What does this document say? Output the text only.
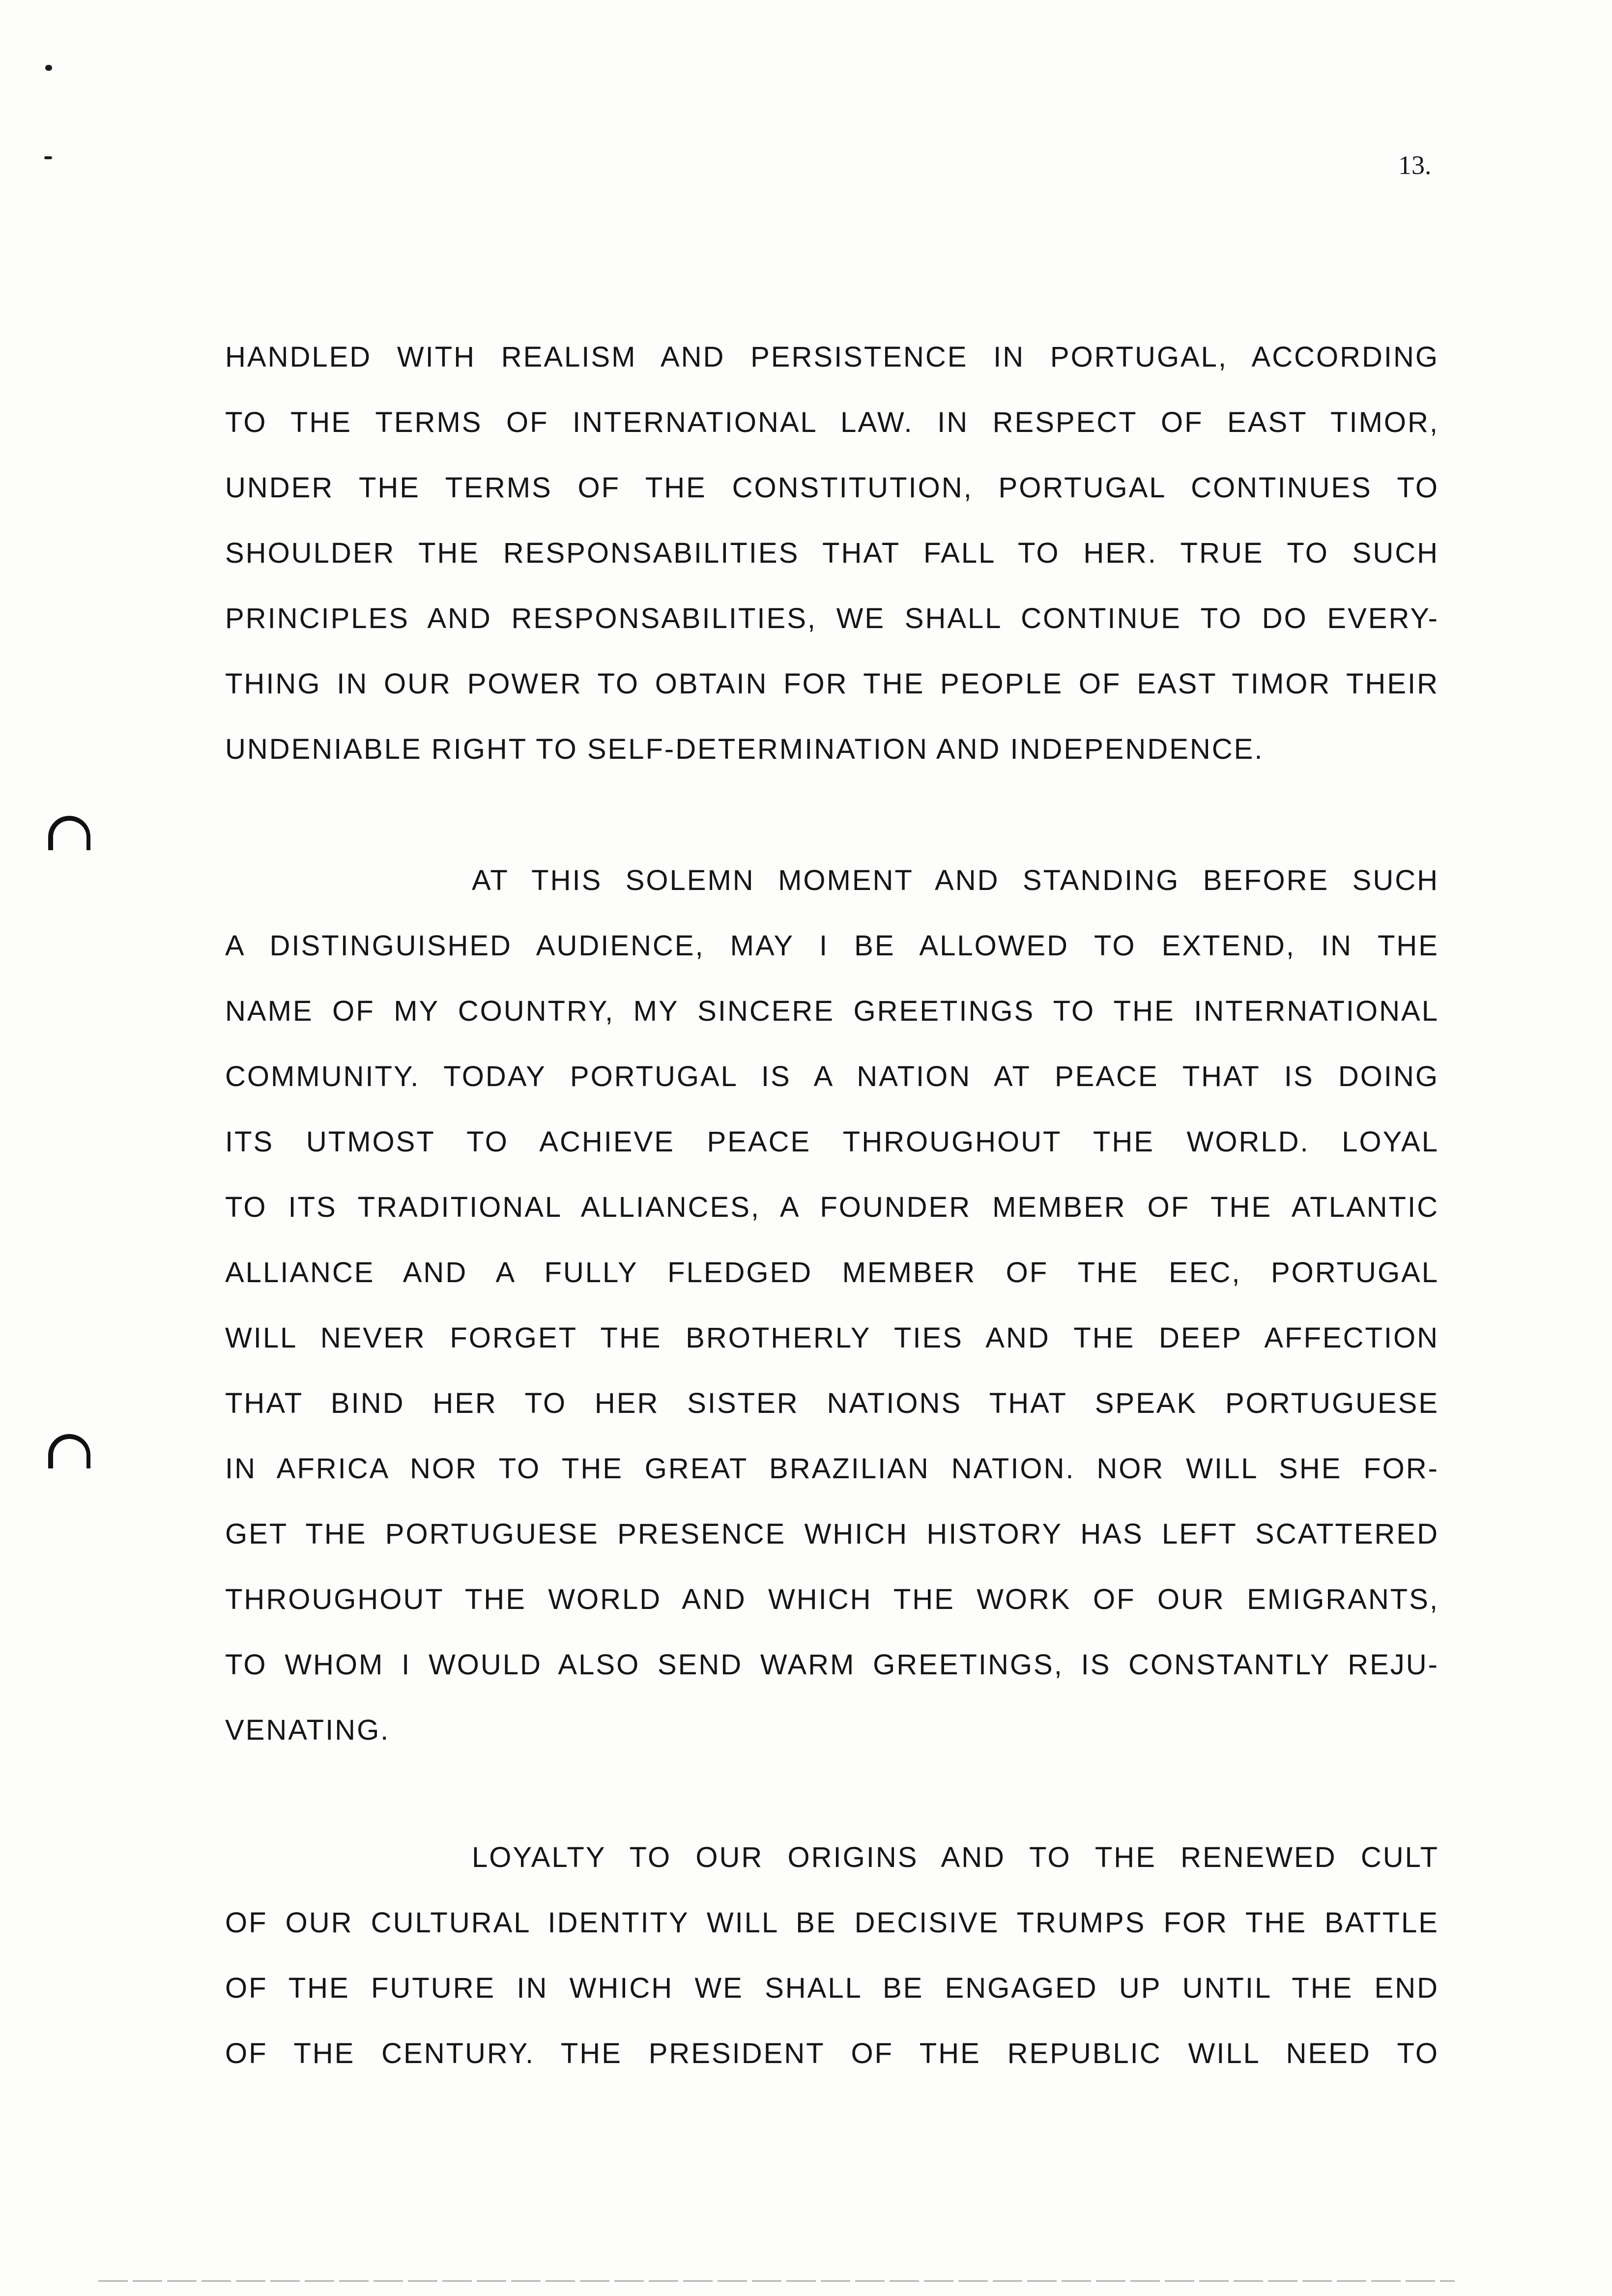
13.
HANDLED WITH REALISM AND PERSISTENCE IN PORTUGAL, ACCORDING
TO THE TERMS OF INTERNATIONAL LAW. IN RESPECT OF EAST TIMOR,
UNDER THE TERMS OF THE CONSTITUTION, PORTUGAL CONTINUES TO
SHOULDER THE RESPONSABILITIES THAT FALL TO HER. TRUE TO SUCH
PRINCIPLES AND RESPONSABILITIES, WE SHALL CONTINUE TO DO EVERY-
THING IN OUR POWER TO OBTAIN FOR THE PEOPLE OF EAST TIMOR THEIR
UNDENIABLE RIGHT TO SELF-DETERMINATION AND INDEPENDENCE.
AT THIS SOLEMN MOMENT AND STANDING BEFORE SUCH
A DISTINGUISHED AUDIENCE, MAY I BE ALLOWED TO EXTEND, IN THE
NAME OF MY COUNTRY, MY SINCERE GREETINGS TO THE INTERNATIONAL
COMMUNITY. TODAY PORTUGAL IS A NATION AT PEACE THAT IS DOING
ITS UTMOST TO ACHIEVE PEACE THROUGHOUT THE WORLD. LOYAL
TO ITS TRADITIONAL ALLIANCES, A FOUNDER MEMBER OF THE ATLANTIC
ALLIANCE AND A FULLY FLEDGED MEMBER OF THE EEC, PORTUGAL
WILL NEVER FORGET THE BROTHERLY TIES AND THE DEEP AFFECTION
THAT BIND HER TO HER SISTER NATIONS THAT SPEAK PORTUGUESE
IN AFRICA NOR TO THE GREAT BRAZILIAN NATION. NOR WILL SHE FOR-
GET THE PORTUGUESE PRESENCE WHICH HISTORY HAS LEFT SCATTERED
THROUGHOUT THE WORLD AND WHICH THE WORK OF OUR EMIGRANTS,
TO WHOM I WOULD ALSO SEND WARM GREETINGS, IS CONSTANTLY REJU-
VENATING.
LOYALTY TO OUR ORIGINS AND TO THE RENEWED CULT
OF OUR CULTURAL IDENTITY WILL BE DECISIVE TRUMPS FOR THE BATTLE
OF THE FUTURE IN WHICH WE SHALL BE ENGAGED UP UNTIL THE END
OF THE CENTURY. THE PRESIDENT OF THE REPUBLIC WILL NEED TO
